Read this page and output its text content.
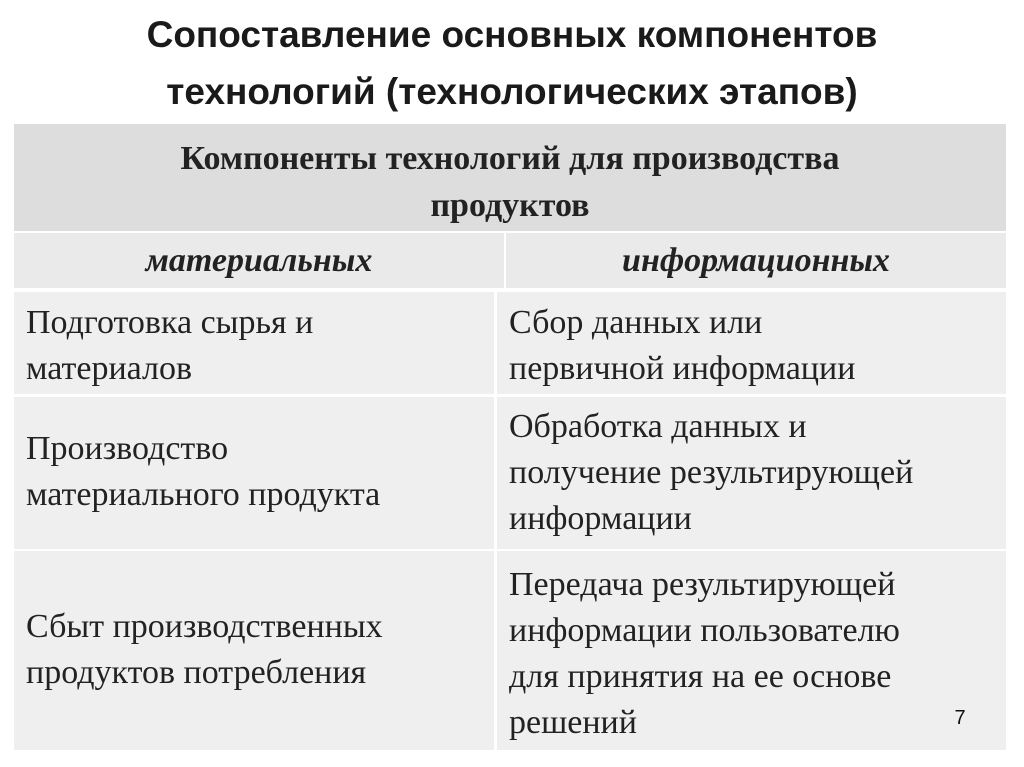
Сопоставление основных компонентов
технологий (технологических этапов)
Компоненты технологий для производства
продуктов
материальных	информационных
Подготовка сырья и
материалов
Сбор данных или
первичной информации
Производство
материального продукта
Обработка данных и
получение результирующей
информации
Сбыт производственных
продуктов потребления
Передача результирующей
информации пользователю
для принятия на ее основе
решений	7
